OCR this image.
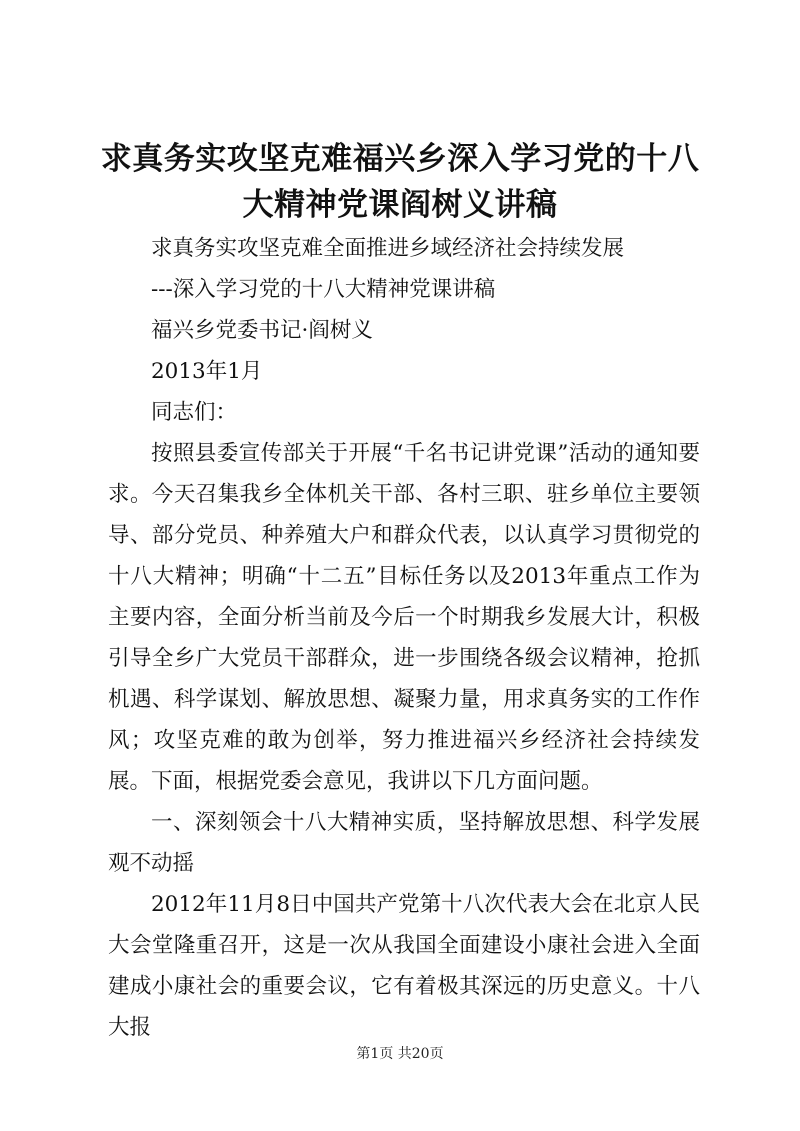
求真务实攻坚克难福兴乡深入学习党的十八大精神党课阎树义讲稿

求真务实攻坚克难全面推进乡域经济社会持续发展

---深入学习党的十八大精神党课讲稿

福兴乡党委书记·阎树义

2013年1月

同志们：

按照县委宣传部关于开展“千名书记讲党课”活动的通知要求。今天召集我乡全体机关干部、各村三职、驻乡单位主要领导、部分党员、种养殖大户和群众代表，以认真学习贯彻党的十八大精神；明确“十二五”目标任务以及2013年重点工作为主要内容，全面分析当前及今后一个时期我乡发展大计，积极引导全乡广大党员干部群众，进一步围绕各级会议精神，抢抓机遇、科学谋划、解放思想、凝聚力量，用求真务实的工作作风；攻坚克难的敢为创举，努力推进福兴乡经济社会持续发展。下面，根据党委会意见，我讲以下几方面问题。

一、深刻领会十八大精神实质，坚持解放思想、科学发展观不动摇

2012年11月8日中国共产党第十八次代表大会在北京人民大会堂隆重召开，这是一次从我国全面建设小康社会进入全面建成小康社会的重要会议，它有着极其深远的历史意义。十八大报

第1页 共20页
